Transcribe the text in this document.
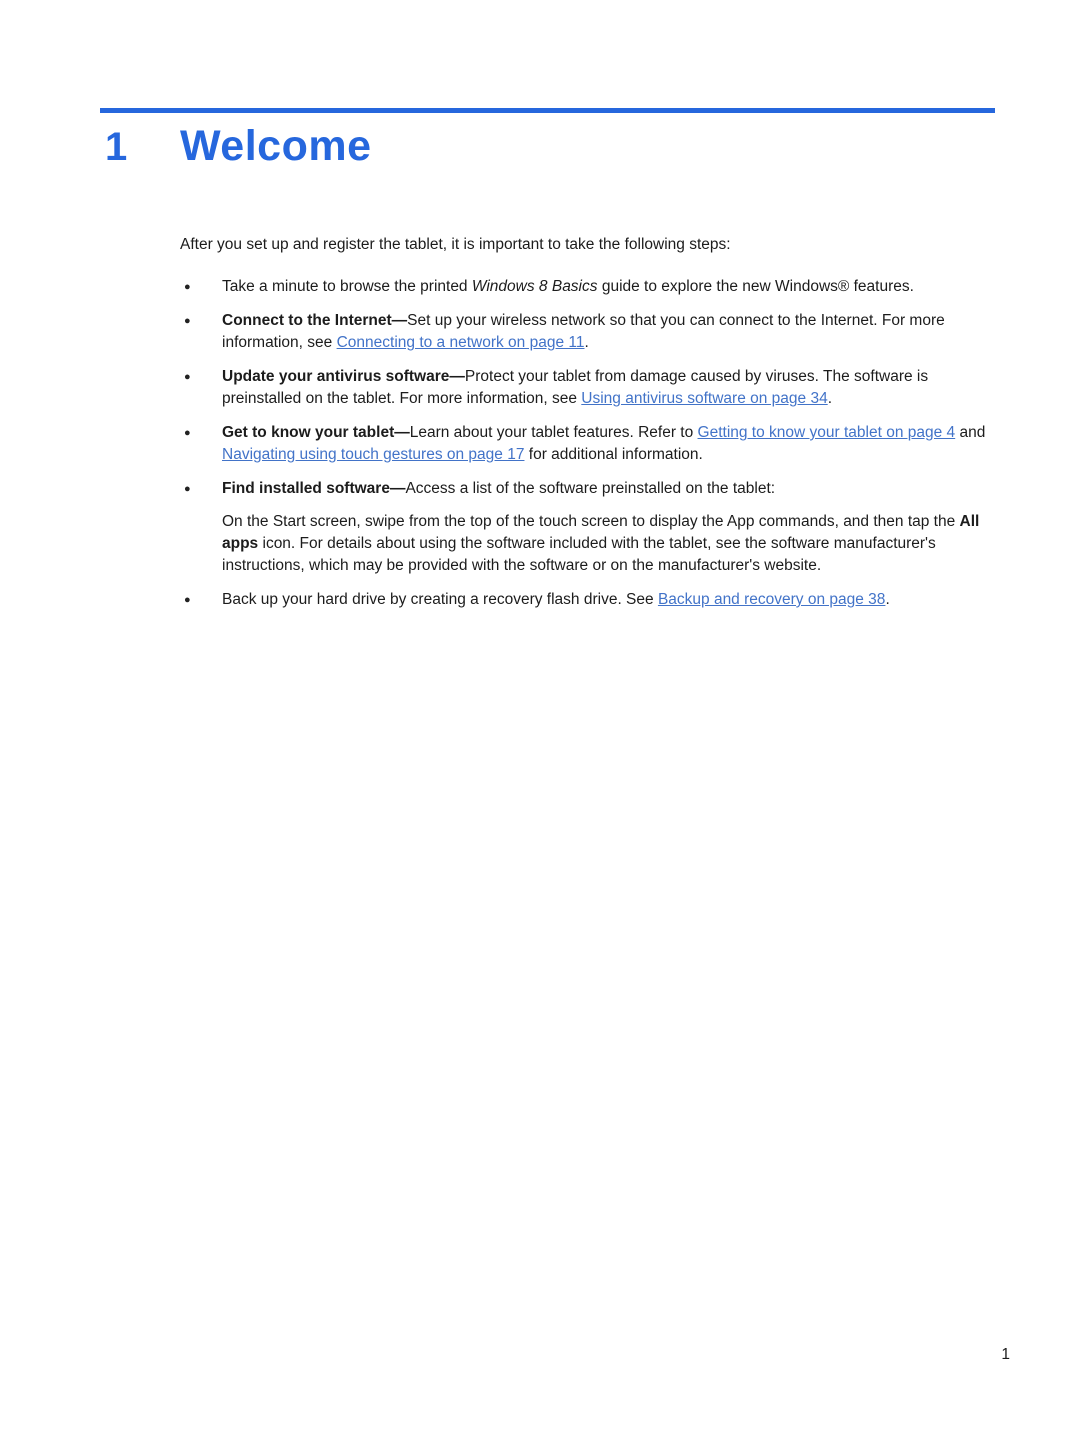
1	Welcome

After you set up and register the tablet, it is important to take the following steps:

● Take a minute to browse the printed Windows 8 Basics guide to explore the new Windows® features.

● Connect to the Internet—Set up your wireless network so that you can connect to the Internet. For more information, see Connecting to a network on page 11.

● Update your antivirus software—Protect your tablet from damage caused by viruses. The software is preinstalled on the tablet. For more information, see Using antivirus software on page 34.

● Get to know your tablet—Learn about your tablet features. Refer to Getting to know your tablet on page 4 and Navigating using touch gestures on page 17 for additional information.

● Find installed software—Access a list of the software preinstalled on the tablet:

On the Start screen, swipe from the top of the touch screen to display the App commands, and then tap the All apps icon. For details about using the software included with the tablet, see the software manufacturer's instructions, which may be provided with the software or on the manufacturer's website.

● Back up your hard drive by creating a recovery flash drive. See Backup and recovery on page 38.

1
